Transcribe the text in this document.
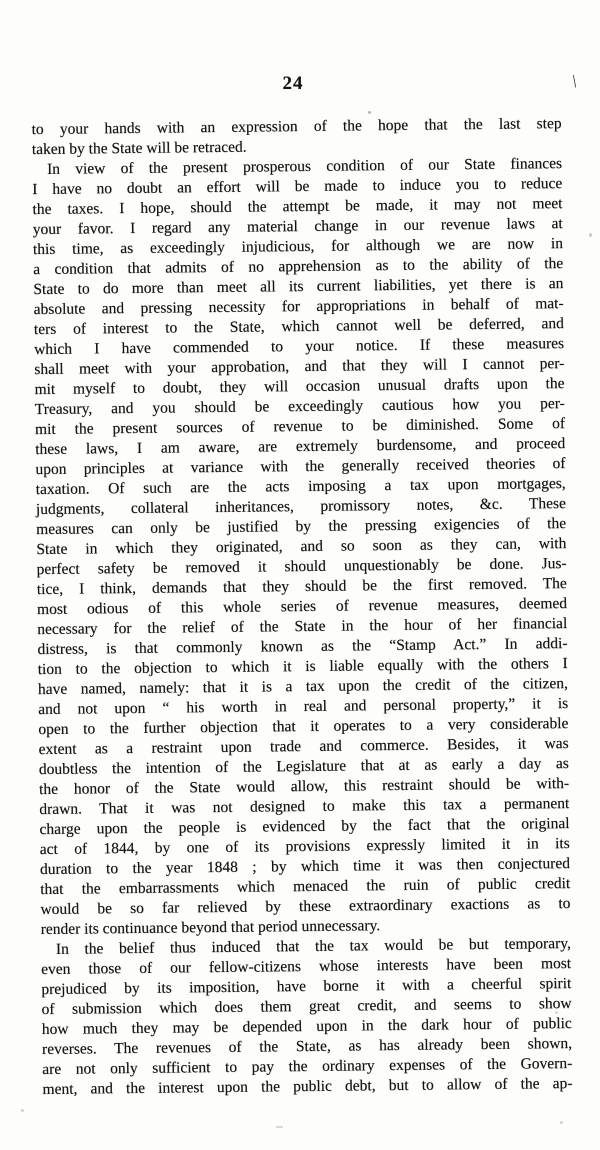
24	\
to your hands with an expression of the hope that the last step
taken by the State will be retraced.
In view of the present prosperous condition of our State finances
I have no doubt an effort will be made to induce you to reduce
the taxes. I hope, should the attempt be made, it may not meet
your favor. I regard any material change in our revenue laws at
this time, as exceedingly injudicious, for although we are now in
a condition that admits of no apprehension as to the ability of the
State to do more than meet all its current liabilities, yet there is an
absolute and pressing necessity for appropriations in behalf of mat-
ters of interest to the State, which cannot well be deferred, and
which I have commended to your notice. If these measures
shall meet with your approbation, and that they will I cannot per-
mit myself to doubt, they will occasion unusual drafts upon the
Treasury, and you should be exceedingly cautious how you per-
mit the present sources of revenue to be diminished. Some of
these laws, I am aware, are extremely burdensome, and proceed
upon principles at variance with the generally received theories of
taxation. Of such are the acts imposing a tax upon mortgages,
judgments, collateral inheritances, promissory notes, &c. These
measures can only be justified by the pressing exigencies of the
State in which they originated, and so soon as they can, with
perfect safety be removed it should unquestionably be done. Jus-
tice, I think, demands that they should be the first removed. The
most odious of this whole series of revenue measures, deemed
necessary for the relief of the State in the hour of her financial
distress, is that commonly known as the “Stamp Act.” In addi-
tion to the objection to which it is liable equally with the others I
have named, namely: that it is a tax upon the credit of the citizen,
and not upon “ his worth in real and personal property,” it is
open to the further objection that it operates to a very considerable
extent as a restraint upon trade and commerce. Besides, it was
doubtless the intention of the Legislature that at as early a day as
the honor of the State would allow, this restraint should be with-
drawn. That it was not designed to make this tax a permanent
charge upon the people is evidenced by the fact that the original
act of 1844, by one of its provisions expressly limited it in its
duration to the year 1848 ; by which time it was then conjectured
that the embarrassments which menaced the ruin of public credit
would be so far relieved by these extraordinary exactions as to
render its continuance beyond that period unnecessary.
In the belief thus induced that the tax would be but temporary,
even those of our fellow-citizens whose interests have been most
prejudiced by its imposition, have borne it with a cheerful spirit
of submission which does them great credit, and seems to show
how much they may be depended upon in the dark hour of public
reverses. The revenues of the State, as has already been shown,
are not only sufficient to pay the ordinary expenses of the Govern-
ment, and the interest upon the public debt, but to allow of the ap-
